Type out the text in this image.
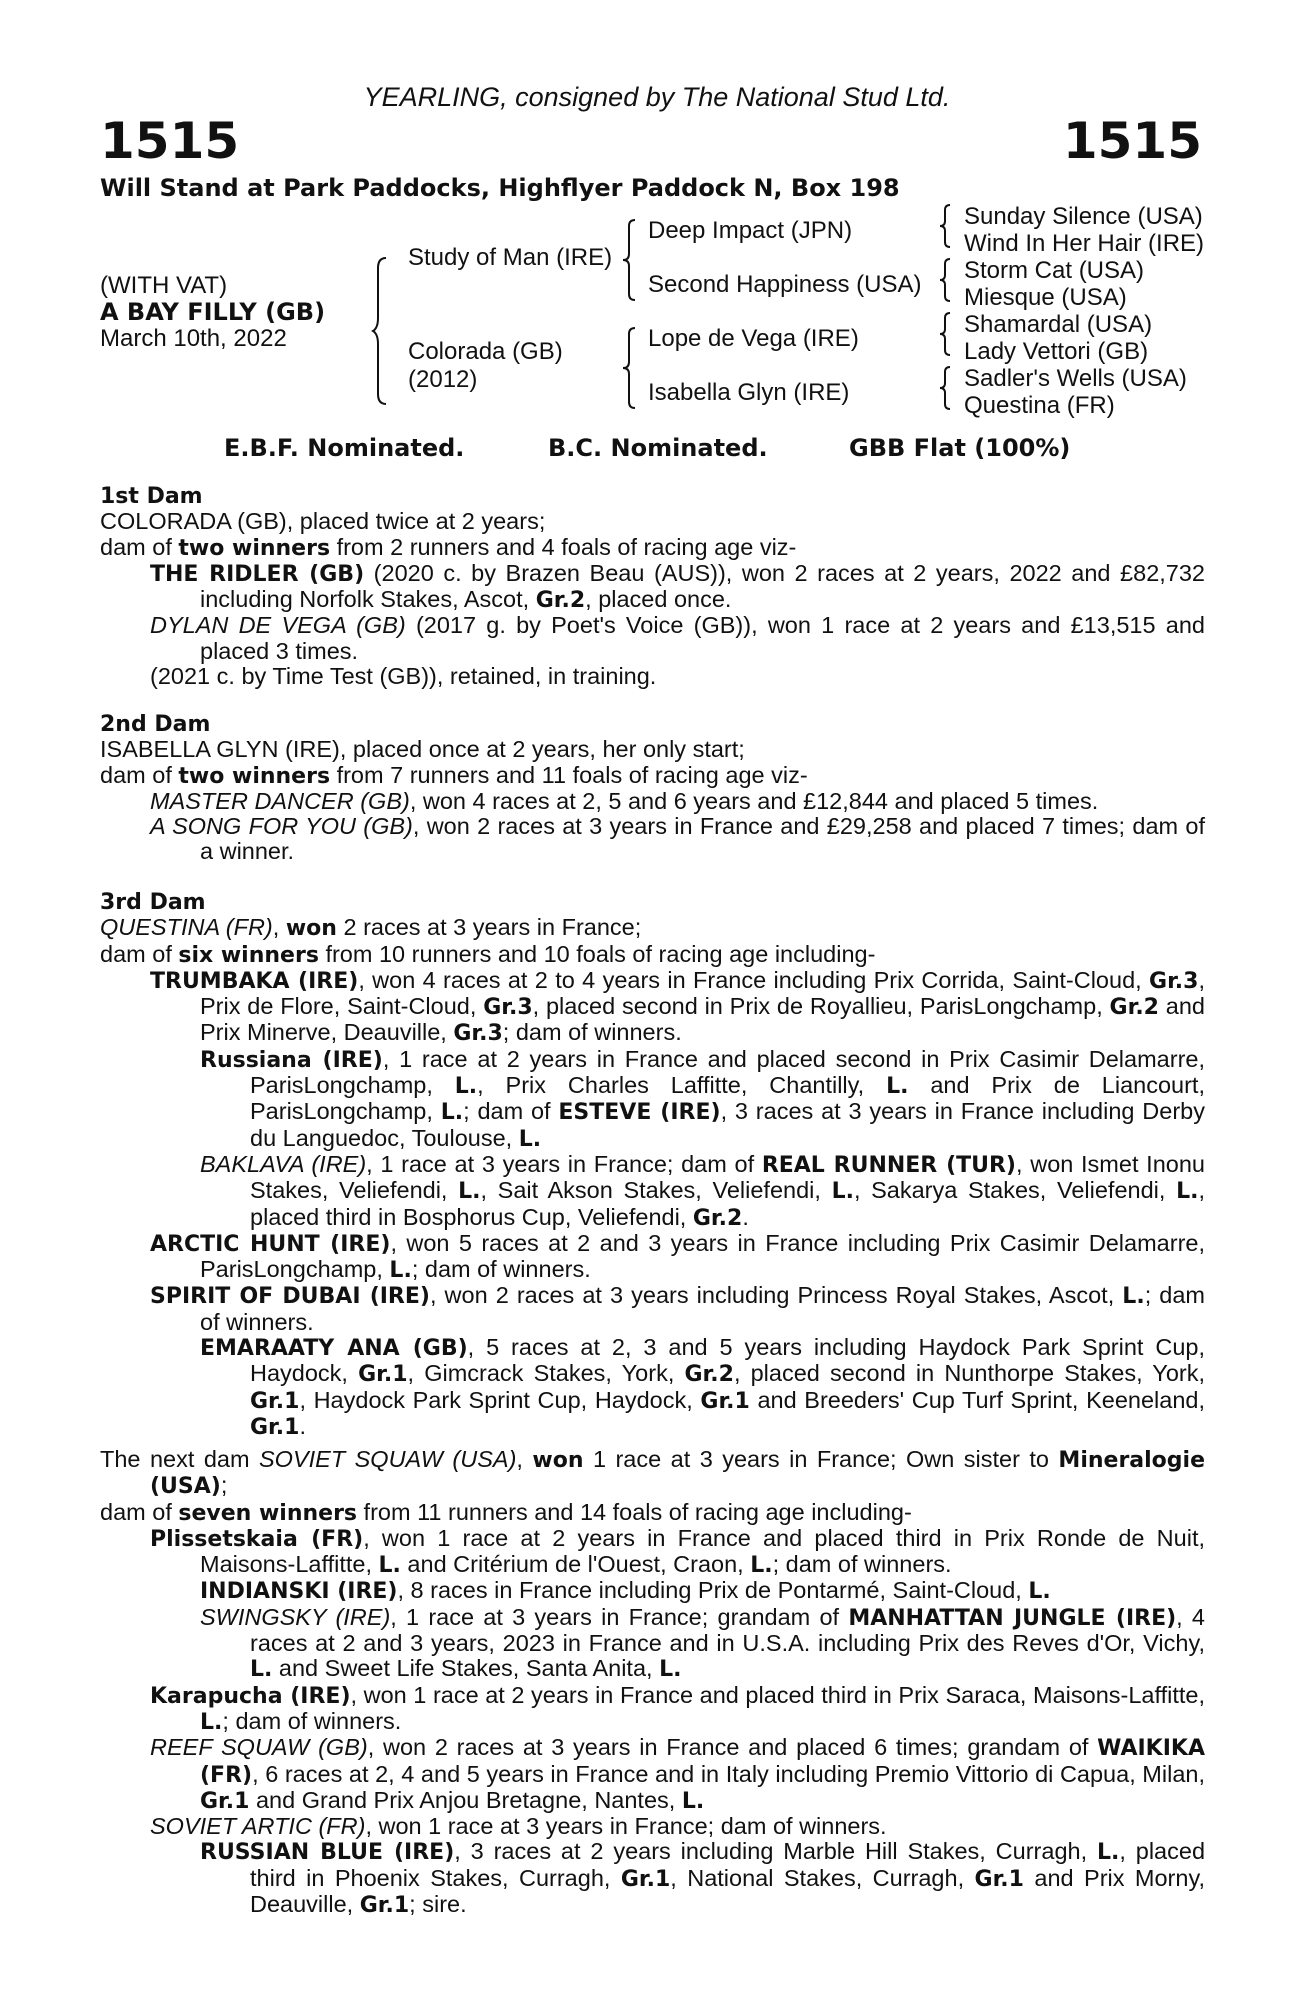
YEARLING, consigned by The National Stud Ltd.
1515	1515
Will Stand at Park Paddocks, Highflyer Paddock N, Box 198
(WITH VAT)
A BAY FILLY (GB)
March 10th, 2022
Study of Man (IRE)
Colorada (GB)
(2012)
Deep Impact (JPN)
Second Happiness (USA)
Lope de Vega (IRE)
Isabella Glyn (IRE)
Sunday Silence (USA)
Wind In Her Hair (IRE)
Storm Cat (USA)
Miesque (USA)
Shamardal (USA)
Lady Vettori (GB)
Sadler's Wells (USA)
Questina (FR)
E.B.F. Nominated.	B.C. Nominated.	GBB Flat (100%)

1st Dam

COLORADA (GB), placed twice at 2 years;

dam of two winners from 2 runners and 4 foals of racing age viz-

THE RIDLER (GB) (2020 c. by Brazen Beau (AUS)), won 2 races at 2 years, 2022 and £82,732 including Norfolk Stakes, Ascot, Gr.2, placed once.

DYLAN DE VEGA (GB) (2017 g. by Poet's Voice (GB)), won 1 race at 2 years and £13,515 and placed 3 times.

(2021 c. by Time Test (GB)), retained, in training.

2nd Dam

ISABELLA GLYN (IRE), placed once at 2 years, her only start;

dam of two winners from 7 runners and 11 foals of racing age viz-

MASTER DANCER (GB), won 4 races at 2, 5 and 6 years and £12,844 and placed 5 times.

A SONG FOR YOU (GB), won 2 races at 3 years in France and £29,258 and placed 7 times; dam of a winner.

3rd Dam

QUESTINA (FR), won 2 races at 3 years in France;

dam of six winners from 10 runners and 10 foals of racing age including-

TRUMBAKA (IRE), won 4 races at 2 to 4 years in France including Prix Corrida, Saint-Cloud, Gr.3, Prix de Flore, Saint-Cloud, Gr.3, placed second in Prix de Royallieu, ParisLongchamp, Gr.2 and Prix Minerve, Deauville, Gr.3; dam of winners.

Russiana (IRE), 1 race at 2 years in France and placed second in Prix Casimir Delamarre, ParisLongchamp, L., Prix Charles Laffitte, Chantilly, L. and Prix de Liancourt, ParisLongchamp, L.; dam of ESTEVE (IRE), 3 races at 3 years in France including Derby du Languedoc, Toulouse, L.

BAKLAVA (IRE), 1 race at 3 years in France; dam of REAL RUNNER (TUR), won Ismet Inonu Stakes, Veliefendi, L., Sait Akson Stakes, Veliefendi, L., Sakarya Stakes, Veliefendi, L., placed third in Bosphorus Cup, Veliefendi, Gr.2.

ARCTIC HUNT (IRE), won 5 races at 2 and 3 years in France including Prix Casimir Delamarre, ParisLongchamp, L.; dam of winners.

SPIRIT OF DUBAI (IRE), won 2 races at 3 years including Princess Royal Stakes, Ascot, L.; dam of winners.

EMARAATY ANA (GB), 5 races at 2, 3 and 5 years including Haydock Park Sprint Cup, Haydock, Gr.1, Gimcrack Stakes, York, Gr.2, placed second in Nunthorpe Stakes, York, Gr.1, Haydock Park Sprint Cup, Haydock, Gr.1 and Breeders' Cup Turf Sprint, Keeneland, Gr.1.

The next dam SOVIET SQUAW (USA), won 1 race at 3 years in France; Own sister to Mineralogie (USA);

dam of seven winners from 11 runners and 14 foals of racing age including-

Plissetskaia (FR), won 1 race at 2 years in France and placed third in Prix Ronde de Nuit, Maisons-Laffitte, L. and Critérium de l'Ouest, Craon, L.; dam of winners.

INDIANSKI (IRE), 8 races in France including Prix de Pontarmé, Saint-Cloud, L.

SWINGSKY (IRE), 1 race at 3 years in France; grandam of MANHATTAN JUNGLE (IRE), 4 races at 2 and 3 years, 2023 in France and in U.S.A. including Prix des Reves d'Or, Vichy, L. and Sweet Life Stakes, Santa Anita, L.

Karapucha (IRE), won 1 race at 2 years in France and placed third in Prix Saraca, Maisons-Laffitte, L.; dam of winners.

REEF SQUAW (GB), won 2 races at 3 years in France and placed 6 times; grandam of WAIKIKA (FR), 6 races at 2, 4 and 5 years in France and in Italy including Premio Vittorio di Capua, Milan, Gr.1 and Grand Prix Anjou Bretagne, Nantes, L.

SOVIET ARTIC (FR), won 1 race at 3 years in France; dam of winners.

RUSSIAN BLUE (IRE), 3 races at 2 years including Marble Hill Stakes, Curragh, L., placed third in Phoenix Stakes, Curragh, Gr.1, National Stakes, Curragh, Gr.1 and Prix Morny, Deauville, Gr.1; sire.
